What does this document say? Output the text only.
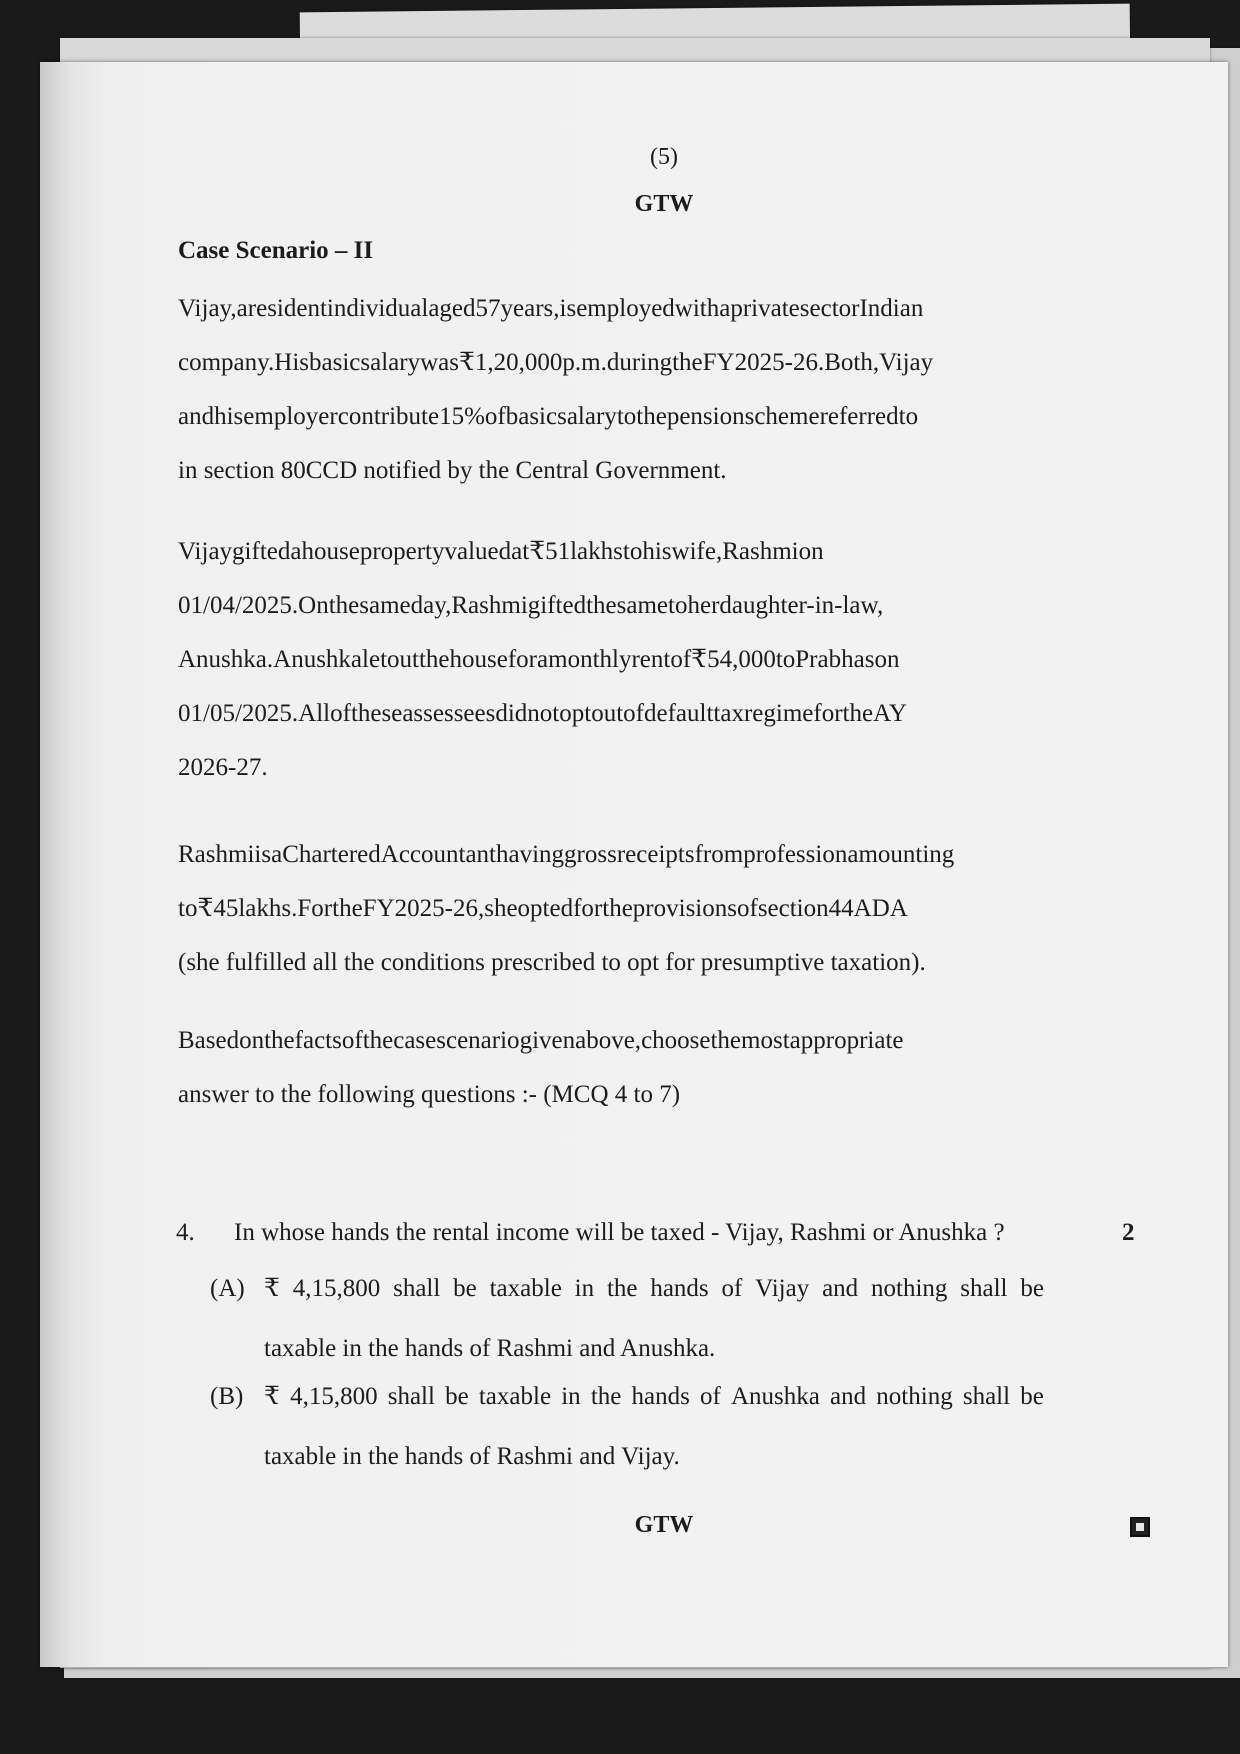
(5)
GTW
Case Scenario – II
Vijay,aresidentindividualaged57years,isemployedwithaprivatesectorIndian
company.Hisbasicsalarywas₹1,20,000p.m.duringtheFY2025-26.Both,Vijay
andhisemployercontribute15%ofbasicsalarytothepensionschemereferredto
in section 80CCD notified by the Central Government.
Vijaygiftedahousepropertyvaluedat₹51lakhstohiswife,Rashmion
01/04/2025.Onthesameday,Rashmigiftedthesametoherdaughter-in-law,
Anushka.Anushkaletoutthehouseforamonthlyrentof₹54,000toPrabhason
01/05/2025.AlloftheseassesseesdidnotoptoutofdefaulttaxregimefortheAY
2026-27.
RashmiisaCharteredAccountanthavinggrossreceiptsfromprofessionamounting
to₹45lakhs.FortheFY2025-26,sheoptedfortheprovisionsofsection44ADA
(she fulfilled all the conditions prescribed to opt for presumptive taxation).
Basedonthefactsofthecasescenariogivenabove,choosethemostappropriate
answer to the following questions :- (MCQ 4 to 7)
4. In whose hands the rental income will be taxed - Vijay, Rashmi or Anushka ?	2
(A) ₹ 4,15,800 shall be taxable in the hands of Vijay and nothing shall be
taxable in the hands of Rashmi and Anushka.
(B) ₹ 4,15,800 shall be taxable in the hands of Anushka and nothing shall be
taxable in the hands of Rashmi and Vijay.
GTW
